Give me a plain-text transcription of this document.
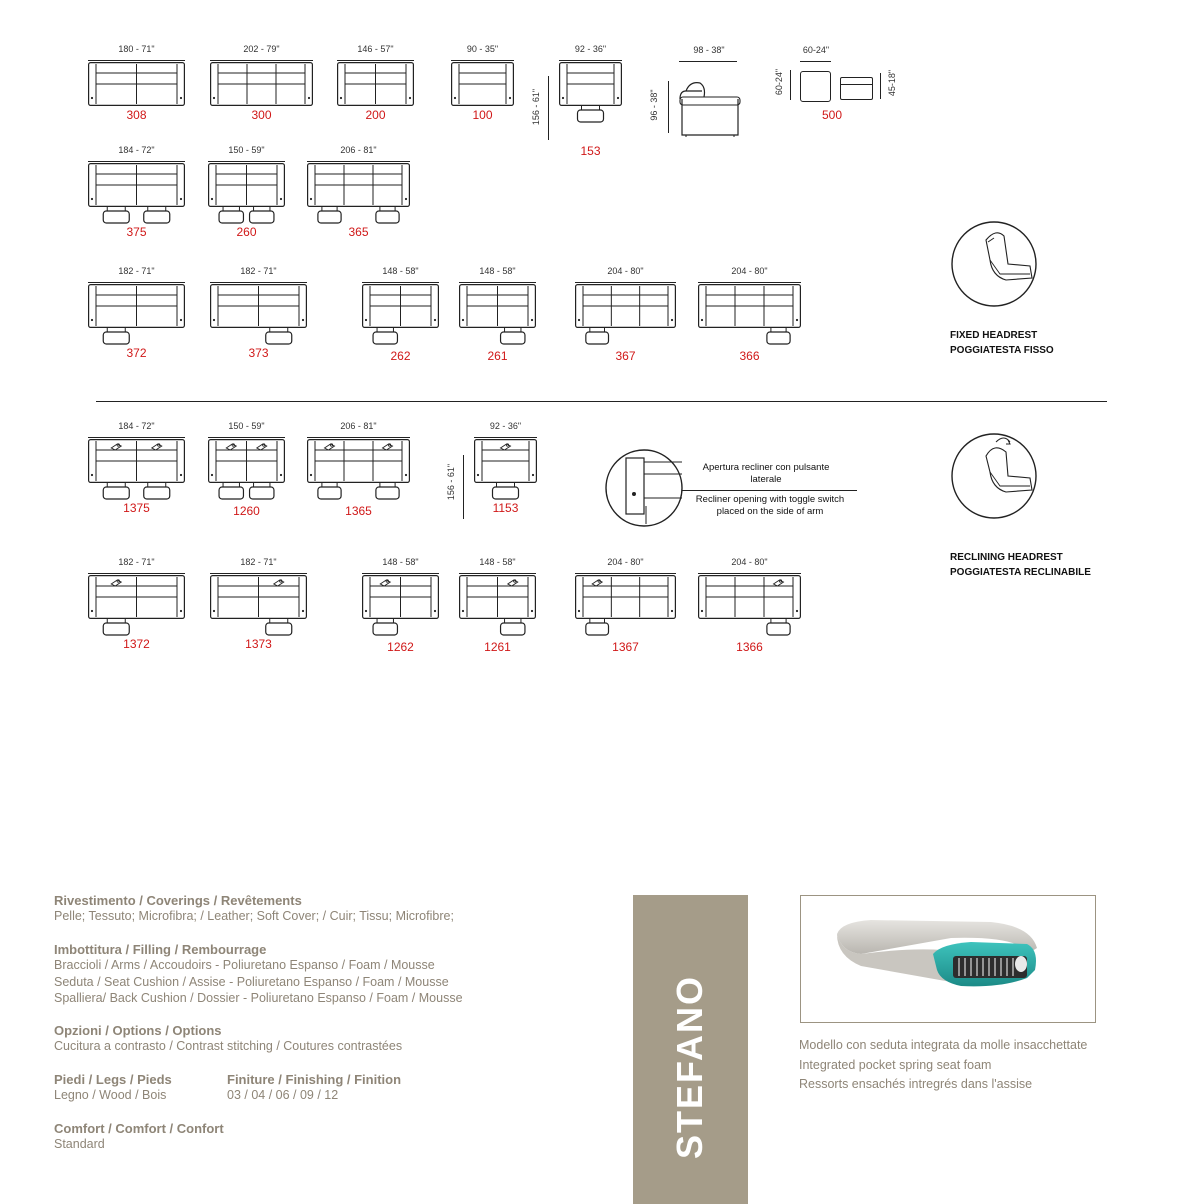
180 - 71"
308
202 - 79"
300
146 - 57"
200
90 - 35"
100
92 - 36"
153
184 - 72"
375
150 - 59"
260
206 - 81"
365
182 - 71"
372
182 - 71"
373
148 - 58"
262
148 - 58"
261
204 - 80"
367
204 - 80"
366
184 - 72"
1375
150 - 59"
1260
206 - 81"
1365
92 - 36"
1153
182 - 71"
1372
182 - 71"
1373
148 - 58"
1262
148 - 58"
1261
204 - 80"
1367
204 - 80"
1366
156 - 61"
98 - 38"
96 - 38"
60-24"
60-24"	45-18"
500
FIXED HEADREST
POGGIATESTA FISSO
156 - 61"	Apertura recliner con pulsante laterale
Recliner opening with toggle switch placed on the side of arm
RECLINING HEADREST
POGGIATESTA RECLINABILE
Rivestimento / Coverings / Revêtements
Pelle; Tessuto; Microfibra; / Leather; Soft Cover; / Cuir; Tissu; Microfibre;
Imbottitura / Filling / Rembourrage
Braccioli / Arms / Accoudoirs - Poliuretano Espanso / Foam / Mousse
Seduta / Seat Cushion / Assise - Poliuretano Espanso / Foam / Mousse
Spalliera/ Back Cushion / Dossier - Poliuretano Espanso / Foam / Mousse
Opzioni / Options / Options
Cucitura a contrasto / Contrast stitching / Coutures contrastées
Piedi / Legs / Pieds
Legno / Wood / Bois
Finiture / Finishing / Finition
03 / 04 / 06 / 09 / 12
Comfort / Comfort / Confort
Standard	STEFANO	Modello con seduta integrata da molle insacchettate
Integrated pocket spring seat foam
Ressorts ensachés intregrés dans l'assise
